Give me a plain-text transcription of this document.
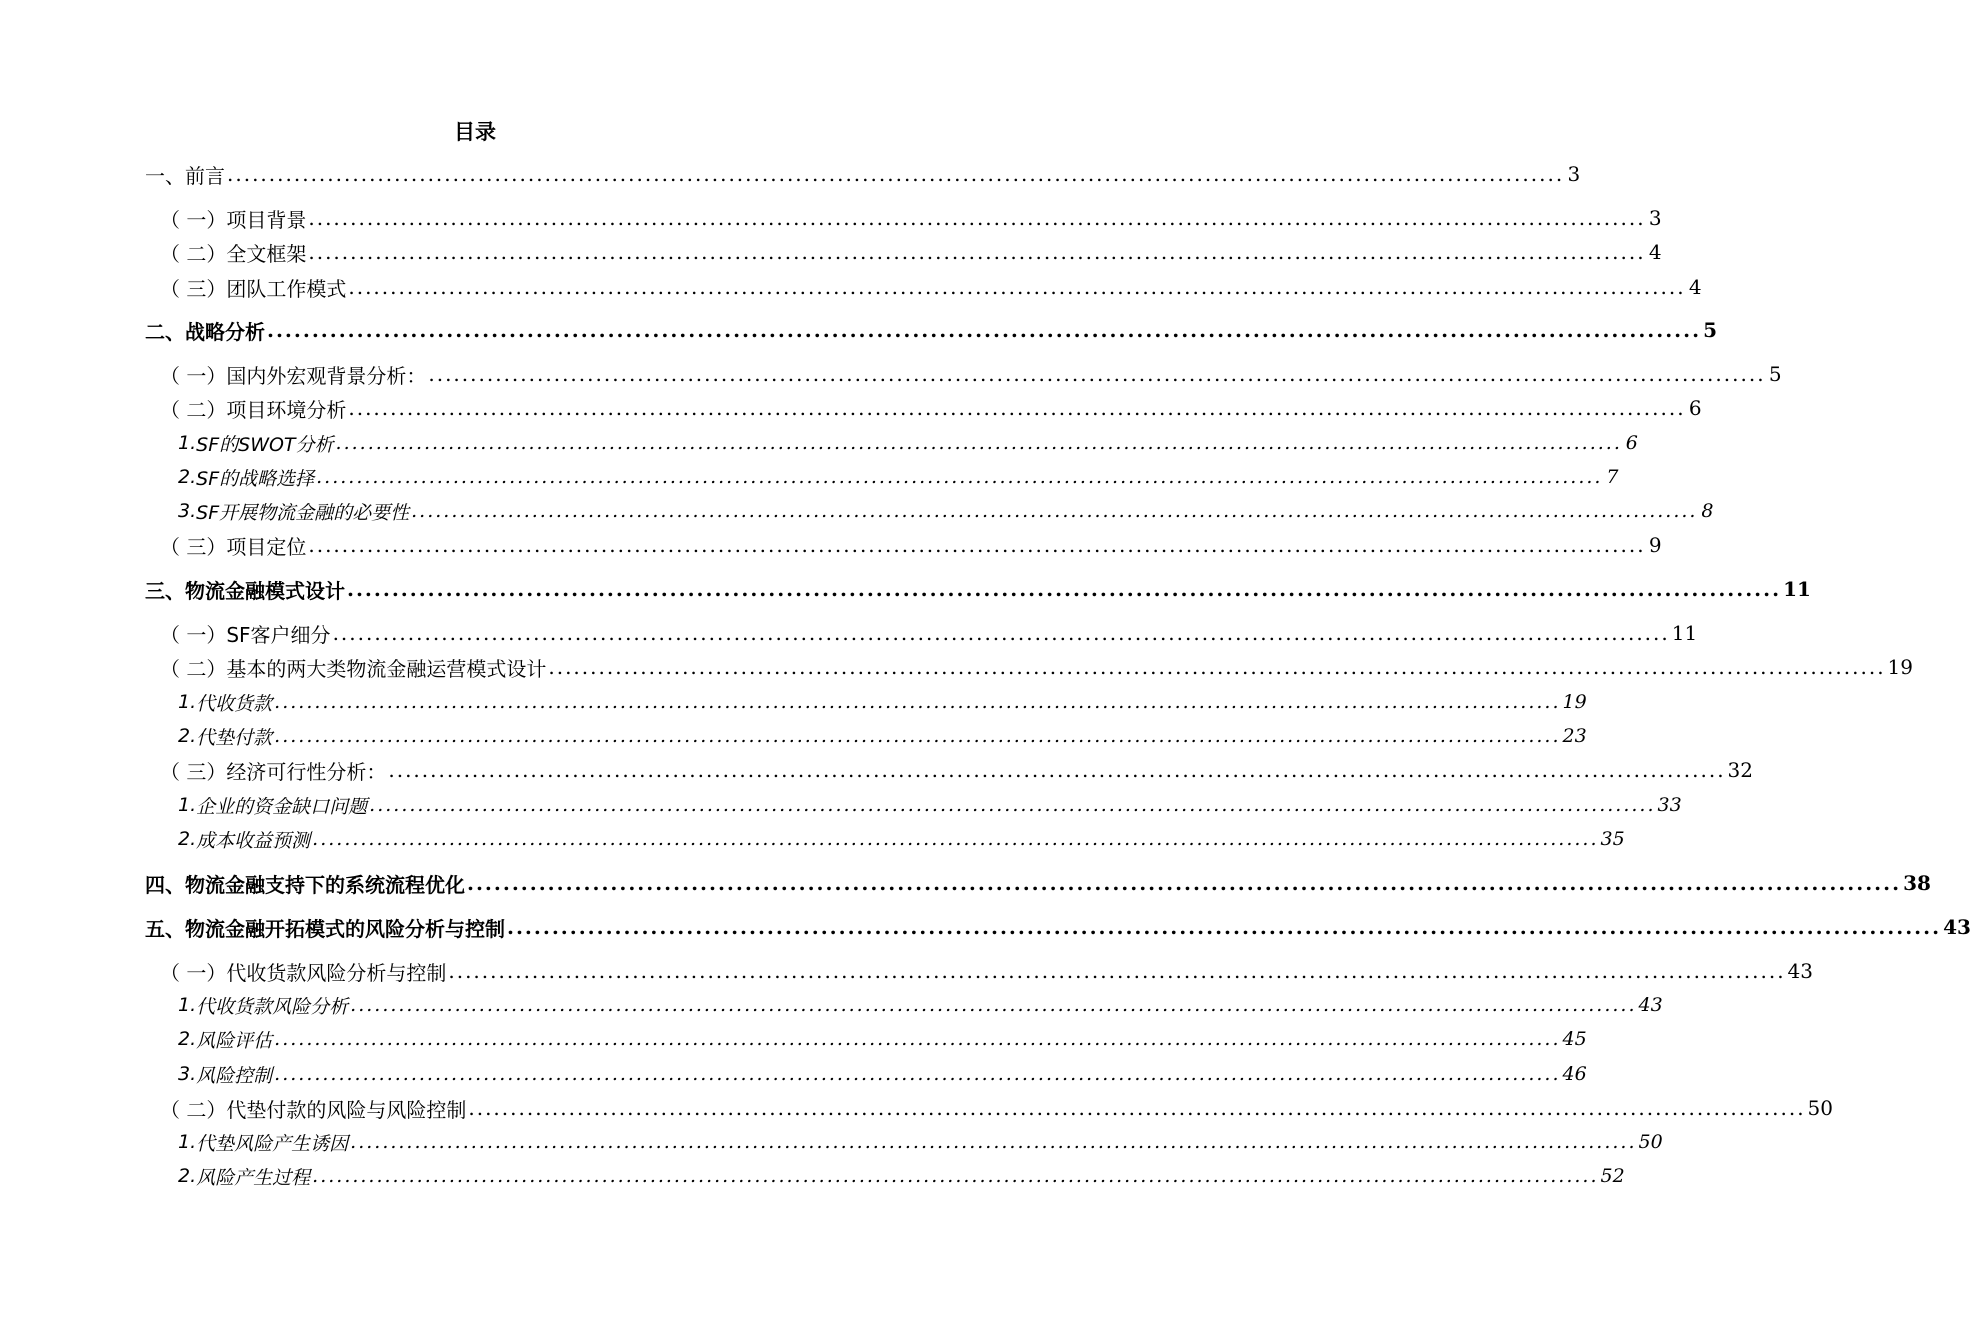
目录
一、 前言 ................................................................................................................................................................ 3
（ 一） 项目背景 ................................................................................................................................................................ 3
（ 二） 全文框架 ................................................................................................................................................................ 4
（ 三） 团队工作模式 ................................................................................................................................................................ 4
二、 战略分析 ................................................................................................................................................................ 5
（ 一） 国内外宏观背景分析： ................................................................................................................................................................ 5
（ 二） 项目环境分析 ................................................................................................................................................................ 6
1. SF的SWOT分析 ................................................................................................................................................................ 6
2. SF的战略选择 ................................................................................................................................................................ 7
3. SF开展物流金融的必要性 ................................................................................................................................................................ 8
（ 三） 项目定位 ................................................................................................................................................................ 9
三、 物流金融模式设计 ................................................................................................................................................................ 11
（ 一） SF客户细分 ................................................................................................................................................................ 11
（ 二） 基本的两大类物流金融运营模式设计 ................................................................................................................................................................ 19
1. 代收货款 ................................................................................................................................................................ 19
2. 代垫付款 ................................................................................................................................................................ 23
（ 三） 经济可行性分析： ................................................................................................................................................................ 32
1. 企业的资金缺口问题 ................................................................................................................................................................ 33
2. 成本收益预测 ................................................................................................................................................................ 35
四、 物流金融支持下的系统流程优化 ................................................................................................................................................................ 38
五、 物流金融开拓模式的风险分析与控制 ................................................................................................................................................................ 43
（ 一） 代收货款风险分析与控制 ................................................................................................................................................................ 43
1. 代收货款风险分析 ................................................................................................................................................................ 43
2. 风险评估 ................................................................................................................................................................ 45
3. 风险控制 ................................................................................................................................................................ 46
（ 二） 代垫付款的风险与风险控制 ................................................................................................................................................................ 50
1. 代垫风险产生诱因 ................................................................................................................................................................ 50
2. 风险产生过程 ................................................................................................................................................................ 52
